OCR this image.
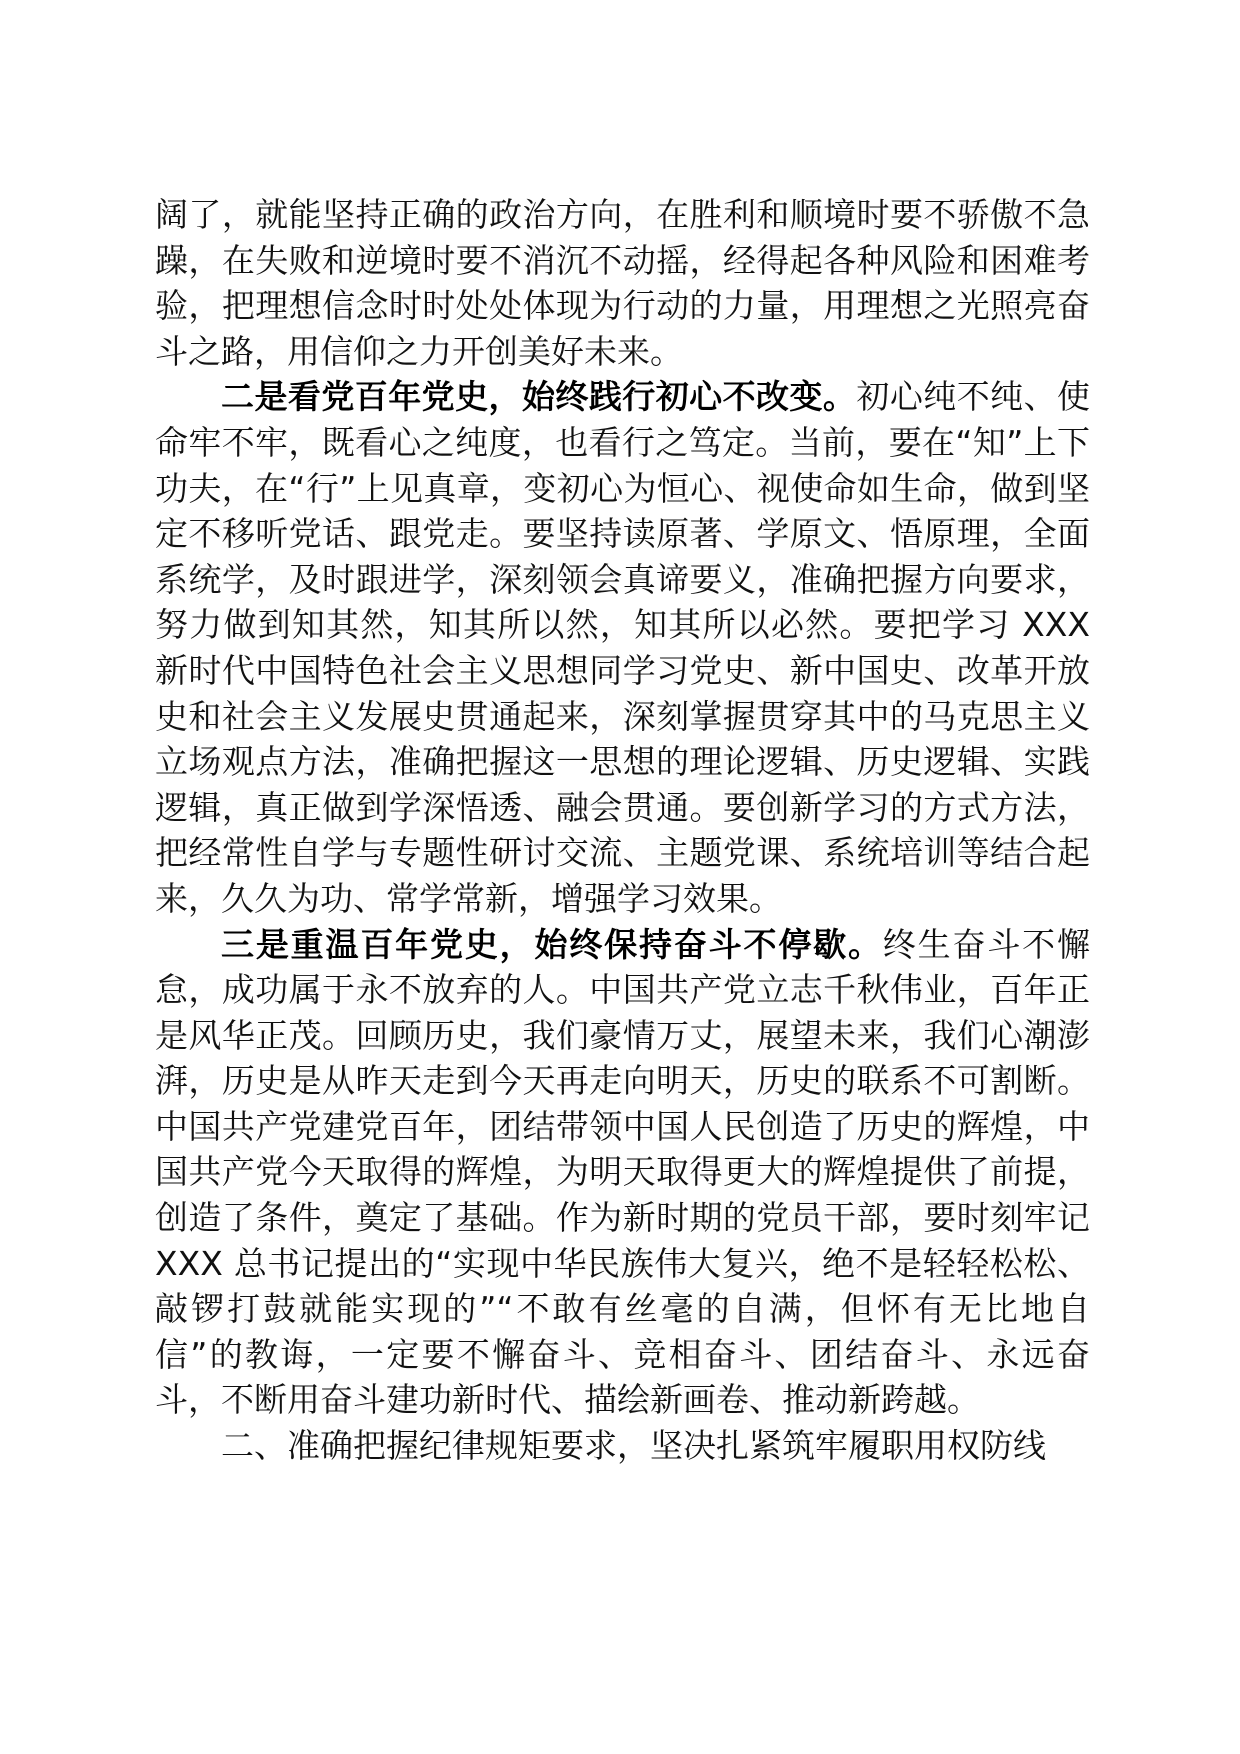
阔了，就能坚持正确的政治方向，在胜利和顺境时要不骄傲不急躁，在失败和逆境时要不消沉不动摇，经得起各种风险和困难考验，把理想信念时时处处体现为行动的力量，用理想之光照亮奋斗之路，用信仰之力开创美好未来。

二是看党百年党史，始终践行初心不改变。初心纯不纯、使命牢不牢，既看心之纯度，也看行之笃定。当前，要在“知”上下功夫，在“行”上见真章，变初心为恒心、视使命如生命，做到坚定不移听党话、跟党走。要坚持读原著、学原文、悟原理，全面系统学，及时跟进学，深刻领会真谛要义，准确把握方向要求，努力做到知其然，知其所以然，知其所以必然。要把学习 XXX 新时代中国特色社会主义思想同学习党史、新中国史、改革开放史和社会主义发展史贯通起来，深刻掌握贯穿其中的马克思主义立场观点方法，准确把握这一思想的理论逻辑、历史逻辑、实践逻辑，真正做到学深悟透、融会贯通。要创新学习的方式方法，把经常性自学与专题性研讨交流、主题党课、系统培训等结合起来，久久为功、常学常新，增强学习效果。

三是重温百年党史，始终保持奋斗不停歇。终生奋斗不懈怠，成功属于永不放弃的人。中国共产党立志千秋伟业，百年正是风华正茂。回顾历史，我们豪情万丈，展望未来，我们心潮澎湃，历史是从昨天走到今天再走向明天，历史的联系不可割断。中国共产党建党百年，团结带领中国人民创造了历史的辉煌，中国共产党今天取得的辉煌，为明天取得更大的辉煌提供了前提，创造了条件，奠定了基础。作为新时期的党员干部，要时刻牢记 XXX 总书记提出的“实现中华民族伟大复兴，绝不是轻轻松松、敲锣打鼓就能实现的”“不敢有丝毫的自满，但怀有无比地自信”的教诲，一定要不懈奋斗、竞相奋斗、团结奋斗、永远奋斗，不断用奋斗建功新时代、描绘新画卷、推动新跨越。

二、准确把握纪律规矩要求，坚决扎紧筑牢履职用权防线
